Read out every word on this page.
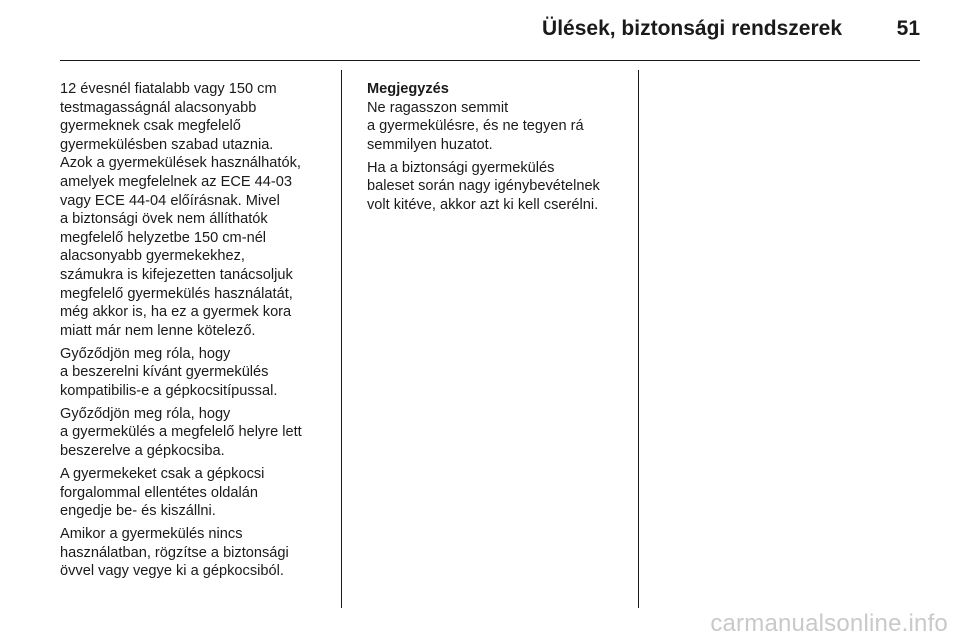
Ülések, biztonsági rendszerek	51

12 évesnél fiatalabb vagy 150 cm
testmagasságnál alacsonyabb
gyermeknek csak megfelelő
gyermekülésben szabad utaznia.
Azok a gyermekülések használhatók,
amelyek megfelelnek az ECE 44-03
vagy ECE 44-04 előírásnak. Mivel
a biztonsági övek nem állíthatók
megfelelő helyzetbe 150 cm-nél
alacsonyabb gyermekekhez,
számukra is kifejezetten tanácsoljuk
megfelelő gyermekülés használatát,
még akkor is, ha ez a gyermek kora
miatt már nem lenne kötelező.

Győződjön meg róla, hogy
a beszerelni kívánt gyermekülés
kompatibilis-e a gépkocsitípussal.

Győződjön meg róla, hogy
a gyermekülés a megfelelő helyre lett
beszerelve a gépkocsiba.

A gyermekeket csak a gépkocsi
forgalommal ellentétes oldalán
engedje be- és kiszállni.

Amikor a gyermekülés nincs
használatban, rögzítse a biztonsági
övvel vagy vegye ki a gépkocsiból.

Megjegyzés

Ne ragasszon semmit
a gyermekülésre, és ne tegyen rá
semmilyen huzatot.

Ha a biztonsági gyermekülés
baleset során nagy igénybevételnek
volt kitéve, akkor azt ki kell cserélni.

carmanualsonline.info
